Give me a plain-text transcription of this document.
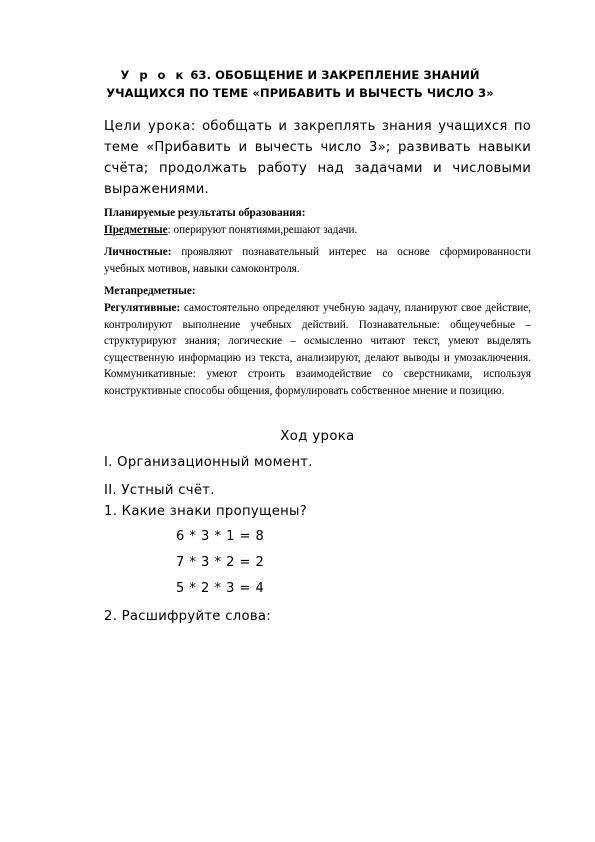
У р о к 63. ОБОБЩЕНИЕ И ЗАКРЕПЛЕНИЕ ЗНАНИЙ
УЧАЩИХСЯ ПО ТЕМЕ «ПРИБАВИТЬ И ВЫЧЕСТЬ ЧИСЛО 3»
Цели урока: обобщать и закреплять знания учащихся по теме «Прибавить и вычесть число 3»; развивать навыки счёта; продолжать работу над задачами и числовыми выражениями.
Планируемые результаты образования:
Предметные: оперируют понятиями,решают задачи.
Личностные: проявляют познавательный интерес на основе сформированности учебных мотивов, навыки самоконтроля.
Метапредметные:
Регулятивные: самостоятельно определяют учебную задачу, планируют свое действие, контролируют выполнение учебных действий. Познавательные: общеучебные – структурируют знания; логические – осмысленно читают текст, умеют выделять существенную информацию из текста, анализируют, делают выводы и умозаключения. Коммуникативные: умеют строить взаимодействие со сверстниками, используя конструктивные способы общения, формулировать собственное мнение и позицию.
Ход урока
I. Организационный момент.
II. Устный счёт.
1. Какие знаки пропущены?
6 * 3 * 1 = 8
7 * 3 * 2 = 2
5 * 2 * 3 = 4
2. Расшифруйте слова:
